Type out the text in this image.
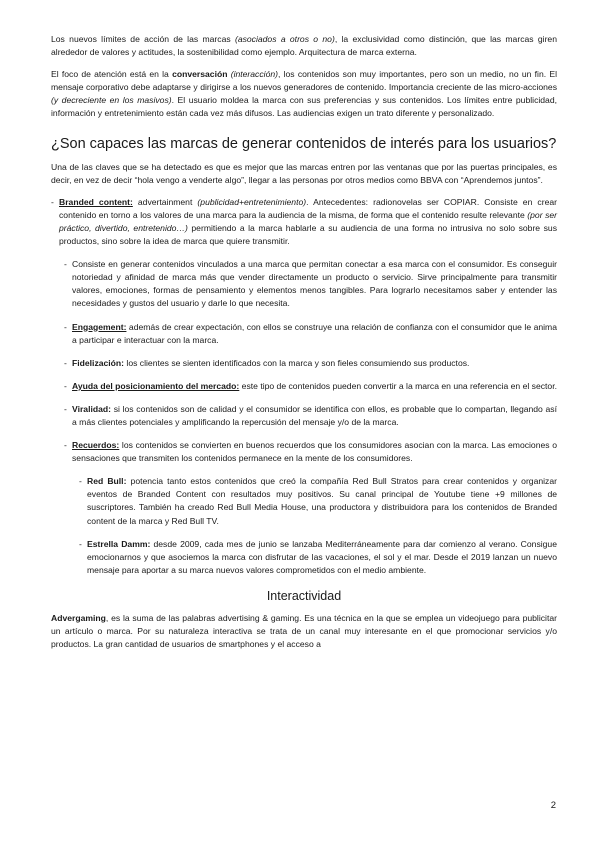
Los nuevos límites de acción de las marcas (asociados a otros o no), la exclusividad como distinción, que las marcas giren alrededor de valores y actitudes, la sostenibilidad como ejemplo. Arquitectura de marca externa.

El foco de atención está en la conversación (interacción), los contenidos son muy importantes, pero son un medio, no un fin. El mensaje corporativo debe adaptarse y dirigirse a los nuevos generadores de contenido. Importancia creciente de las micro-acciones (y decreciente en los masivos). El usuario moldea la marca con sus preferencias y sus contenidos. Los límites entre publicidad, información y entretenimiento están cada vez más difusos. Las audiencias exigen un trato diferente y personalizado.

¿Son capaces las marcas de generar contenidos de interés para los usuarios?

Una de las claves que se ha detectado es que es mejor que las marcas entren por las ventanas que por las puertas principales, es decir, en vez de decir “hola vengo a venderte algo”, llegar a las personas por otros medios como BBVA con “Aprendemos juntos”.

- Branded content: advertainment (publicidad+entretenimiento). Antecedentes: radionovelas ser COPIAR. Consiste en crear contenido en torno a los valores de una marca para la audiencia de la misma, de forma que el contenido resulte relevante (por ser práctico, divertido, entretenido…) permitiendo a la marca hablarle a su audiencia de una forma no intrusiva no solo sobre sus productos, sino sobre la idea de marca que quiere transmitir.
- Consiste en generar contenidos vinculados a una marca que permitan conectar a esa marca con el consumidor. Es conseguir notoriedad y afinidad de marca más que vender directamente un producto o servicio. Sirve principalmente para transmitir valores, emociones, formas de pensamiento y elementos menos tangibles. Para lograrlo necesitamos saber y entender las necesidades y gustos del usuario y darle lo que necesita.
- Engagement: además de crear expectación, con ellos se construye una relación de confianza con el consumidor que le anima a participar e interactuar con la marca.
- Fidelización: los clientes se sienten identificados con la marca y son fieles consumiendo sus productos.
- Ayuda del posicionamiento del mercado: este tipo de contenidos pueden convertir a la marca en una referencia en el sector.
- Viralidad: si los contenidos son de calidad y el consumidor se identifica con ellos, es probable que lo compartan, llegando así a más clientes potenciales y amplificando la repercusión del mensaje y/o de la marca.
- Recuerdos: los contenidos se convierten en buenos recuerdos que los consumidores asocian con la marca. Las emociones o sensaciones que transmiten los contenidos permanece en la mente de los consumidores.
- Red Bull: potencia tanto estos contenidos que creó la compañía Red Bull Stratos para crear contenidos y organizar eventos de Branded Content con resultados muy positivos. Su canal principal de Youtube tiene +9 millones de suscriptores. También ha creado Red Bull Media House, una productora y distribuidora para los contenidos de Branded content de la marca y Red Bull TV.
- Estrella Damm: desde 2009, cada mes de junio se lanzaba Mediterráneamente para dar comienzo al verano. Consigue emocionarnos y que asociemos la marca con disfrutar de las vacaciones, el sol y el mar. Desde el 2019 lanzan un nuevo mensaje para aportar a su marca nuevos valores comprometidos con el medio ambiente.
Interactividad

Advergaming, es la suma de las palabras advertising & gaming. Es una técnica en la que se emplea un videojuego para publicitar un artículo o marca. Por su naturaleza interactiva se trata de un canal muy interesante en el que promocionar servicios y/o productos. La gran cantidad de usuarios de smartphones y el acceso a

2
